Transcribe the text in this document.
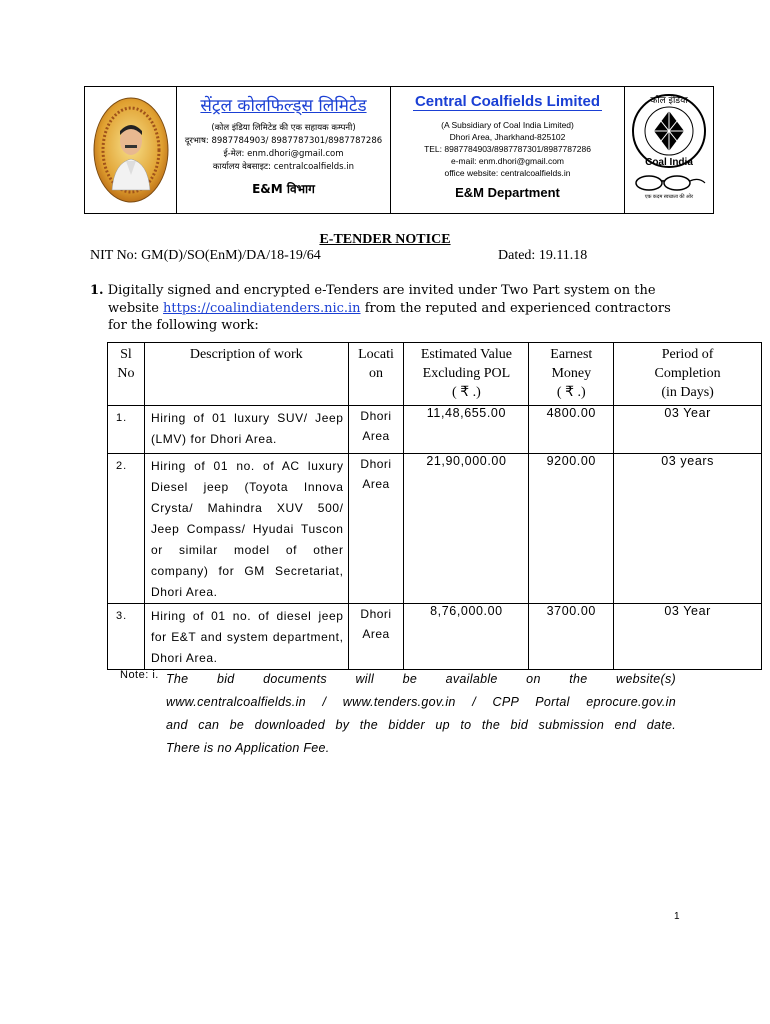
सेंट्रल कोलफिल्ड्स लिमिटेड
(कोल इंडिया लिमिटेड की एक सहायक कम्पनी)
दूरभाष: 8987784903/ 8987787301/8987787286
ई-मेल: enm.dhori@gmail.com
कार्यालय वेबसाइट: centralcoalfields.in
E&M विभाग
Central Coalfields Limited
(A Subsidiary of Coal India Limited)
Dhori Area, Jharkhand-825102
TEL: 8987784903/8987787301/8987787286
e-mail: enm.dhori@gmail.com
office website: centralcoalfields.in
E&M Department
कोल इंडिया
Coal India
एक कदम स्वच्छता की ओर
E-TENDER NOTICE
NIT No: GM(D)/SO(EnM)/DA/18-19/64	Dated: 19.11.18
1. Digitally signed and encrypted e-Tenders are invited under Two Part system on the
website https://coalindiatenders.nic.in from the reputed and experienced contractors
for the following work:
Sl
No	Description of work	Locati
on	Estimated Value
Excluding POL
( ₹ .)	Earnest
Money
( ₹ .)	Period of
Completion
(in Days)
1.	Hiring of 01 luxury SUV/ Jeep (LMV) for Dhori Area.	Dhori
Area	11,48,655.00	4800.00	03 Year
2.	Hiring of 01 no. of AC luxury Diesel jeep (Toyota Innova Crysta/ Mahindra XUV 500/ Jeep Compass/ Hyudai Tuscon or similar model of other company) for GM Secretariat, Dhori Area.	Dhori
Area	21,90,000.00	9200.00	03 years
3.	Hiring of 01 no. of diesel jeep for E&T and system department, Dhori Area.	Dhori
Area	8,76,000.00	3700.00	03 Year
Note: i. The bid documents will be available on the website(s)
www.centralcoalfields.in / www.tenders.gov.in / CPP Portal eprocure.gov.in
and can be downloaded by the bidder up to the bid submission end date.
There is no Application Fee.
1
